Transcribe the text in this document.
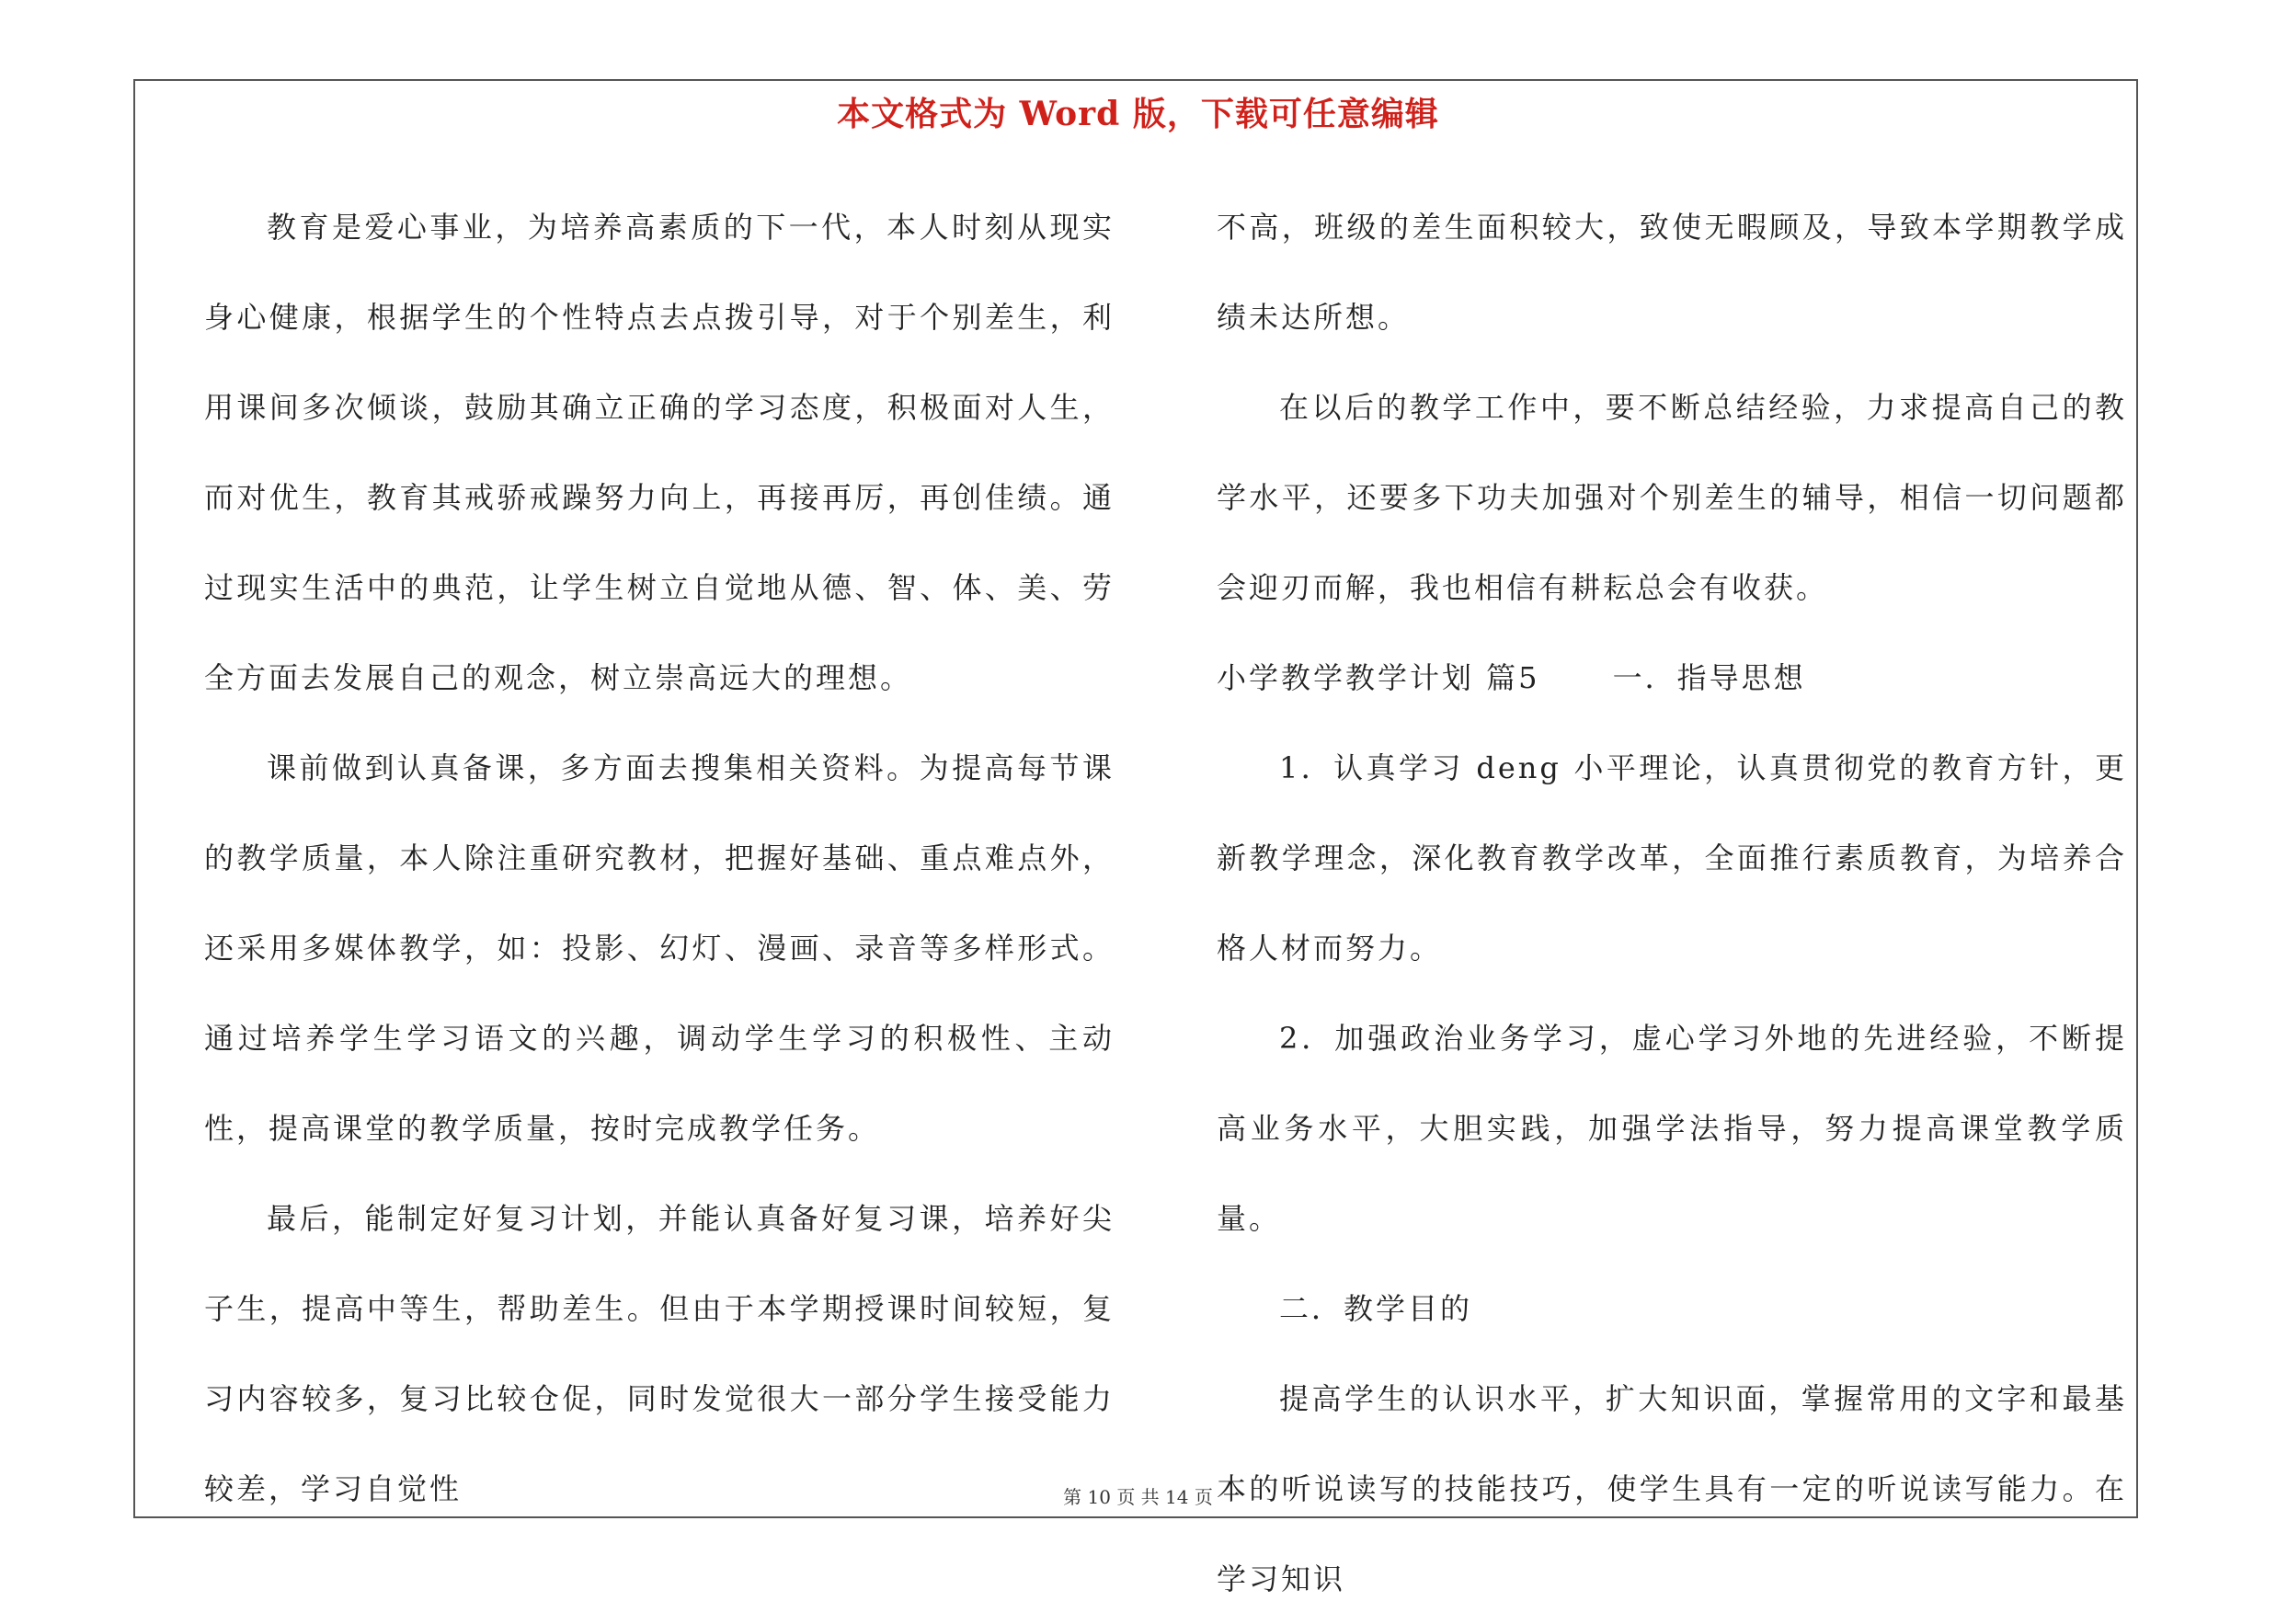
本文格式为 Word 版，下载可任意编辑

教育是爱心事业，为培养高素质的下一代，本人时刻从现实身心健康，根据学生的个性特点去点拨引导，对于个别差生，利用课间多次倾谈，鼓励其确立正确的学习态度，积极面对人生，而对优生，教育其戒骄戒躁努力向上，再接再厉，再创佳绩。通过现实生活中的典范，让学生树立自觉地从德、智、体、美、劳全方面去发展自己的观念，树立崇高远大的理想。

课前做到认真备课，多方面去搜集相关资料。为提高每节课的教学质量，本人除注重研究教材，把握好基础、重点难点外，还采用多媒体教学，如：投影、幻灯、漫画、录音等多样形式。通过培养学生学习语文的兴趣，调动学生学习的积极性、主动性，提高课堂的教学质量，按时完成教学任务。

最后，能制定好复习计划，并能认真备好复习课，培养好尖子生，提高中等生，帮助差生。但由于本学期授课时间较短，复习内容较多，复习比较仓促，同时发觉很大一部分学生接受能力较差，学习自觉性

不高，班级的差生面积较大，致使无暇顾及，导致本学期教学成绩未达所想。

在以后的教学工作中，要不断总结经验，力求提高自己的教学水平，还要多下功夫加强对个别差生的辅导，相信一切问题都会迎刃而解，我也相信有耕耘总会有收获。

小学教学教学计划 篇5 一．指导思想

1．认真学习 deng 小平理论，认真贯彻党的教育方针，更新教学理念，深化教育教学改革，全面推行素质教育，为培养合格人材而努力。

2．加强政治业务学习，虚心学习外地的先进经验，不断提高业务水平，大胆实践，加强学法指导，努力提高课堂教学质量。

二．教学目的

提高学生的认识水平，扩大知识面，掌握常用的文字和最基本的听说读写的技能技巧，使学生具有一定的听说读写能力。在学习知识

第 10 页 共 14 页
